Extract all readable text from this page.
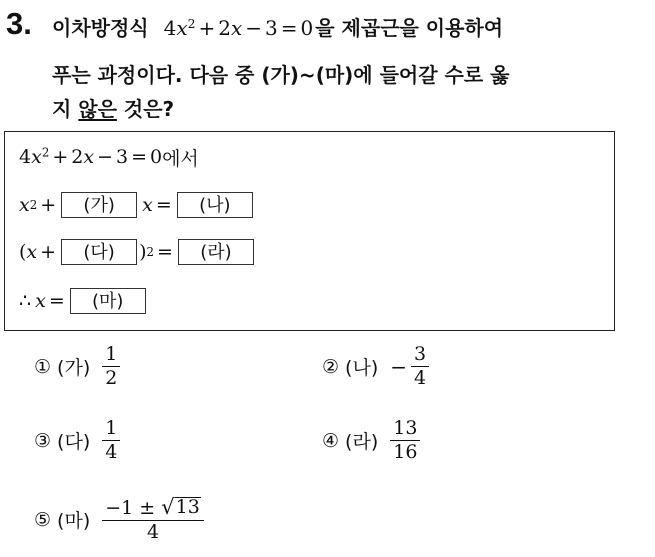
3. 이차방정식 $4x^2 + 2x - 3 = 0$ 을 제곱근을 이용하여
푸는 과정이다. 다음 중 (가)~(마)에 들어갈 수로 옳
지 않은 것은?
$4x^2 + 2x - 3 = 0$ 에서
x 2 +	(가)	x =	(나)
( x +	(다)	) 2 =	(라)
∴ x =	(마)
① (가) $\frac{1}{2}$	② (나) − $\frac{3}{4}$
③ (다) $\frac{1}{4}$	④ (라) $\frac{13}{16}$
⑤ (마) $\frac{-1 \pm √ 13}{4}$
